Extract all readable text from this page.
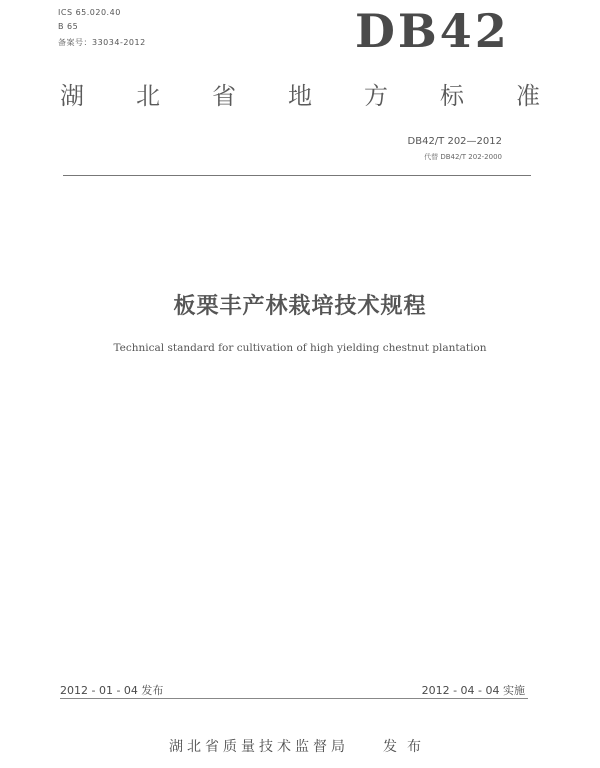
ICS 65.020.40
B 65
备案号：33034-2012	DB42
湖 北 省 地 方 标 准
DB42/T 202—2012
代替 DB42/T 202-2000
板栗丰产林栽培技术规程
Technical standard for cultivation of high yielding chestnut plantation
2012 - 01 - 04 发布	2012 - 04 - 04 实施
湖北省质量技术监督局 发布
